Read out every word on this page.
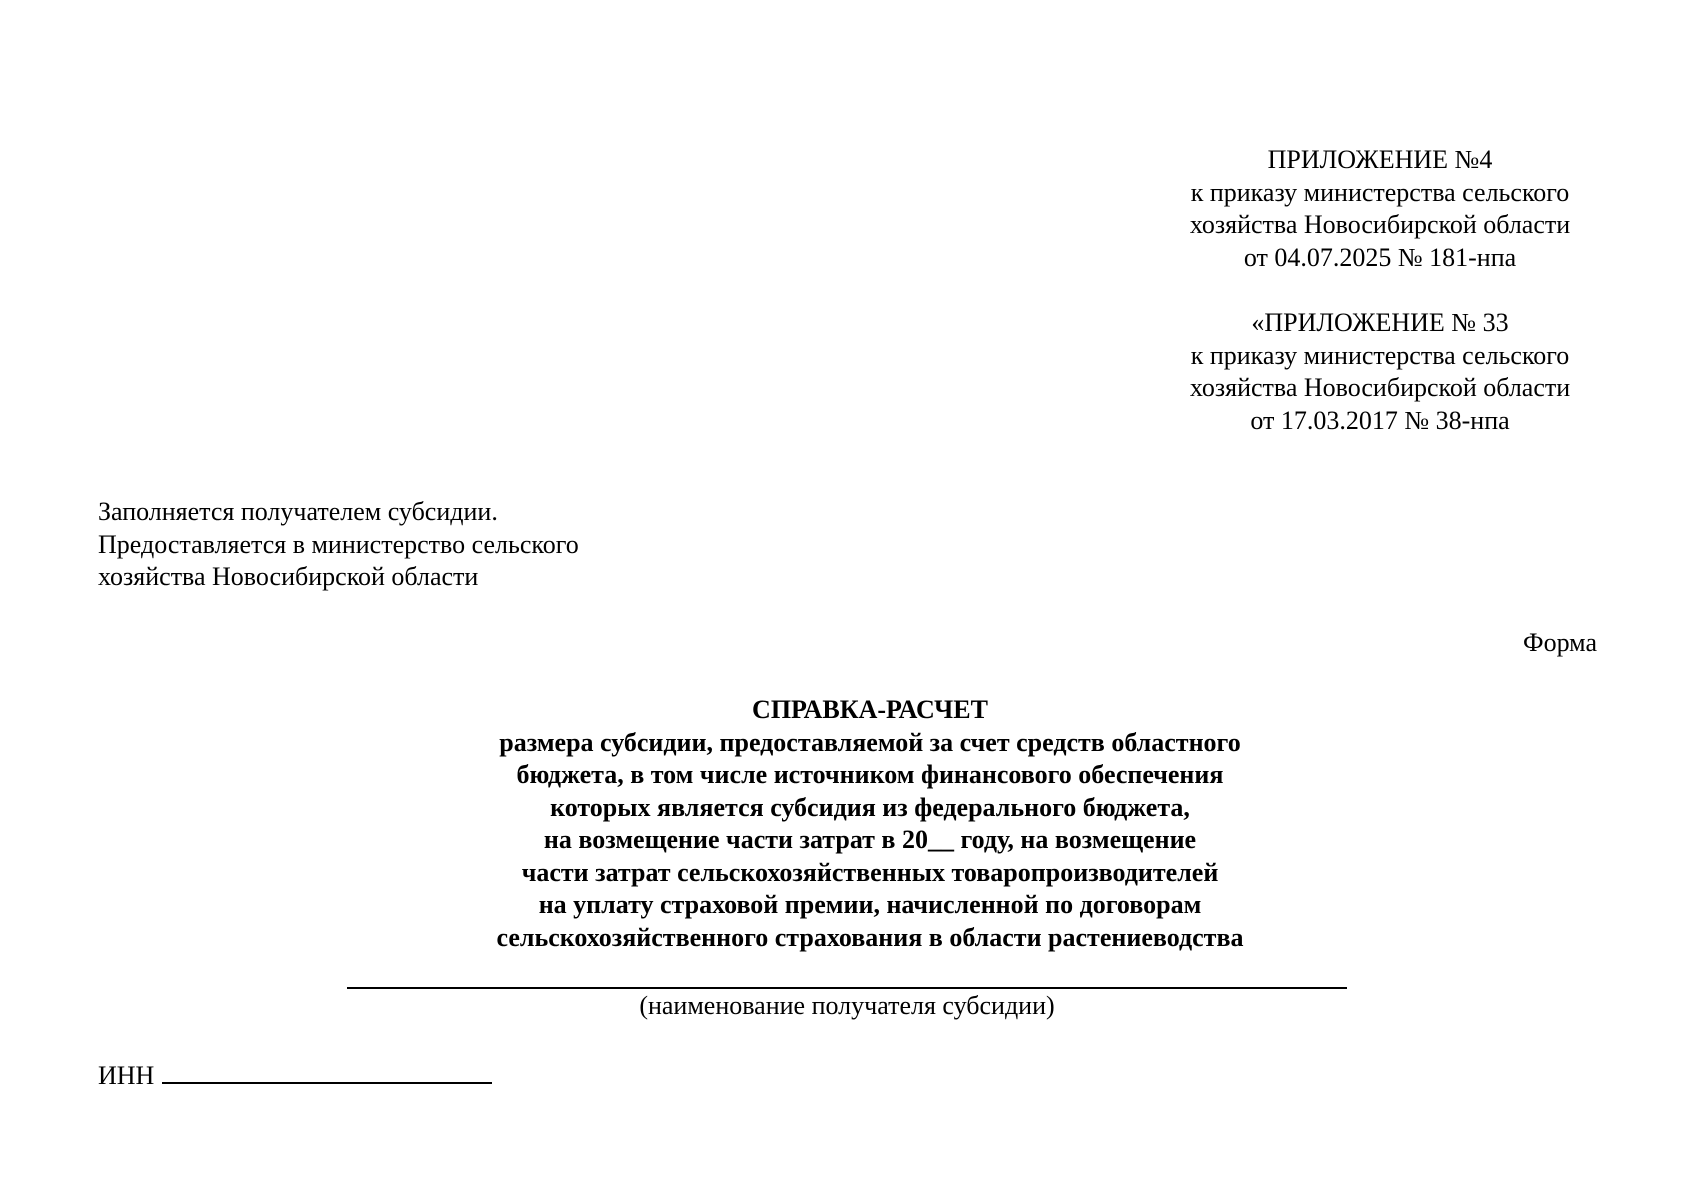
ПРИЛОЖЕНИЕ №4
к приказу министерства сельского
хозяйства Новосибирской области
от 04.07.2025 № 181-нпа
«ПРИЛОЖЕНИЕ № 33
к приказу министерства сельского
хозяйства Новосибирской области
от 17.03.2017 № 38-нпа
Заполняется получателем субсидии.
Предоставляется в министерство сельского
хозяйства Новосибирской области
Форма
СПРАВКА-РАСЧЕТ
размера субсидии, предоставляемой за счет средств областного
бюджета, в том числе источником финансового обеспечения
которых является субсидия из федерального бюджета,
на возмещение части затрат в 20__ году, на возмещение
части затрат сельскохозяйственных товаропроизводителей
на уплату страховой премии, начисленной по договорам
сельскохозяйственного страхования в области растениеводства
(наименование получателя субсидии)
ИНН
